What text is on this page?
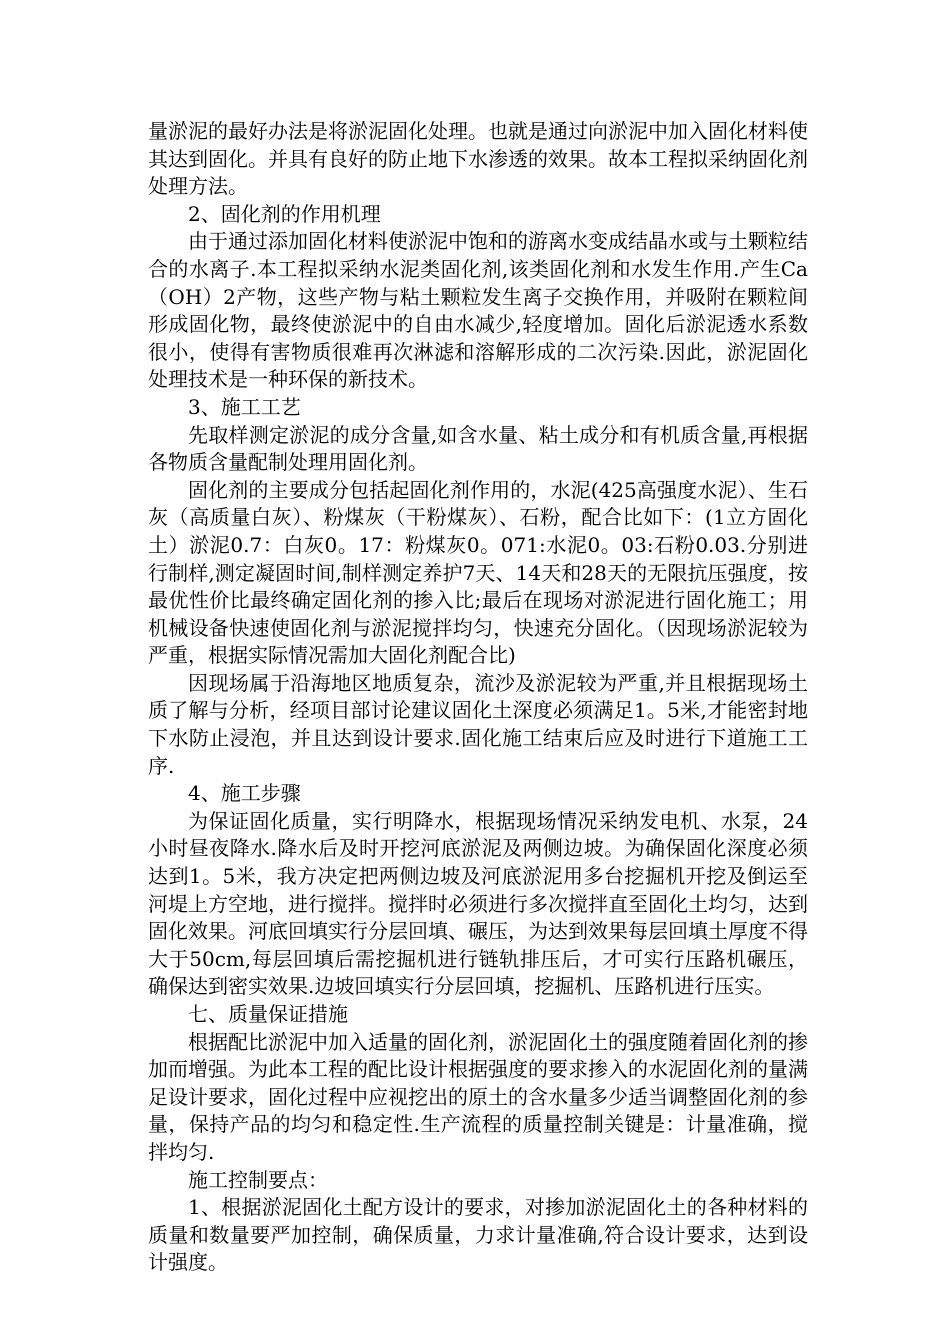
量淤泥的最好办法是将淤泥固化处理。也就是通过向淤泥中加入固化材料使其达到固化。并具有良好的防止地下水渗透的效果。故本工程拟采纳固化剂处理方法。

2、固化剂的作用机理

由于通过添加固化材料使淤泥中饱和的游离水变成结晶水或与土颗粒结合的水离子.本工程拟采纳水泥类固化剂,该类固化剂和水发生作用.产生Ca（OH）2产物，这些产物与粘土颗粒发生离子交换作用，并吸附在颗粒间形成固化物，最终使淤泥中的自由水减少,轻度增加。固化后淤泥透水系数很小，使得有害物质很难再次淋滤和溶解形成的二次污染.因此，淤泥固化处理技术是一种环保的新技术。

3、施工工艺

先取样测定淤泥的成分含量,如含水量、粘土成分和有机质含量,再根据各物质含量配制处理用固化剂。

固化剂的主要成分包括起固化剂作用的，水泥(425高强度水泥）、生石灰（高质量白灰）、粉煤灰（干粉煤灰）、石粉，配合比如下：(1立方固化土）淤泥0.7：白灰0。17：粉煤灰0。071:水泥0。03:石粉0.03.分别进行制样,测定凝固时间,制样测定养护7天、14天和28天的无限抗压强度，按最优性价比最终确定固化剂的掺入比;最后在现场对淤泥进行固化施工；用机械设备快速使固化剂与淤泥搅拌均匀，快速充分固化。（因现场淤泥较为严重，根据实际情况需加大固化剂配合比)

因现场属于沿海地区地质复杂，流沙及淤泥较为严重,并且根据现场土质了解与分析，经项目部讨论建议固化土深度必须满足1。5米,才能密封地下水防止浸泡，并且达到设计要求.固化施工结束后应及时进行下道施工工序.

4、施工步骤

为保证固化质量，实行明降水，根据现场情况采纳发电机、水泵，24小时昼夜降水.降水后及时开挖河底淤泥及两侧边坡。为确保固化深度必须达到1。5米，我方决定把两侧边坡及河底淤泥用多台挖掘机开挖及倒运至河堤上方空地，进行搅拌。搅拌时必须进行多次搅拌直至固化土均匀，达到固化效果。河底回填实行分层回填、碾压，为达到效果每层回填土厚度不得大于50cm,每层回填后需挖掘机进行链轨排压后，才可实行压路机碾压，确保达到密实效果.边坡回填实行分层回填，挖掘机、压路机进行压实。

七、质量保证措施

根据配比淤泥中加入适量的固化剂，淤泥固化土的强度随着固化剂的掺加而增强。为此本工程的配比设计根据强度的要求掺入的水泥固化剂的量满足设计要求，固化过程中应视挖出的原土的含水量多少适当调整固化剂的参量，保持产品的均匀和稳定性.生产流程的质量控制关键是：计量准确，搅拌均匀.

施工控制要点：

1、根据淤泥固化土配方设计的要求，对掺加淤泥固化土的各种材料的质量和数量要严加控制，确保质量，力求计量准确,符合设计要求，达到设计强度。
